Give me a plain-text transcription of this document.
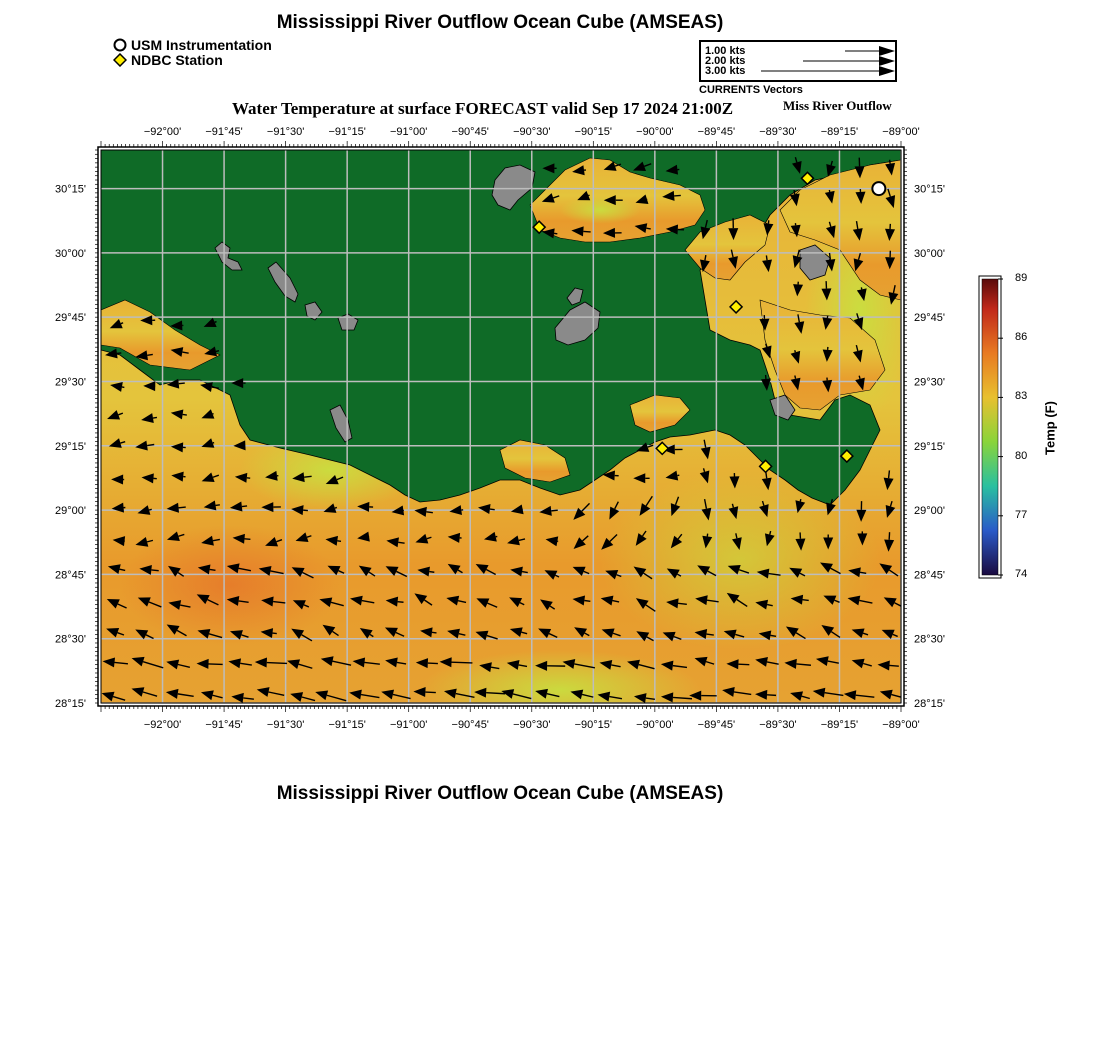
Mississippi River Outflow Ocean Cube (AMSEAS)
USM Instrumentation
NDBC Station
1.00 kts
2.00 kts
3.00 kts
CURRENTS Vectors
Water Temperature at surface FORECAST valid Sep 17 2024 21:00Z	Miss River Outflow
−92°00' −91°45' −91°30' −91°15' −91°00' −90°45' −90°30' −90°15' −90°00' −89°45' −89°30' −89°15' −89°00'
−92°00' −91°45' −91°30' −91°15' −91°00' −90°45' −90°30' −90°15' −90°00' −89°45' −89°30' −89°15' −89°00'
30°15'
30°00'
29°45'
29°30'
29°15'
29°00'
28°45'
28°30'
28°15'
30°15'
30°00'
29°45'
29°30'
29°15'
29°00'
28°45'
28°30'
28°15'
89
86
83
80
77
74
Temp (F)
Mississippi River Outflow Ocean Cube (AMSEAS)
